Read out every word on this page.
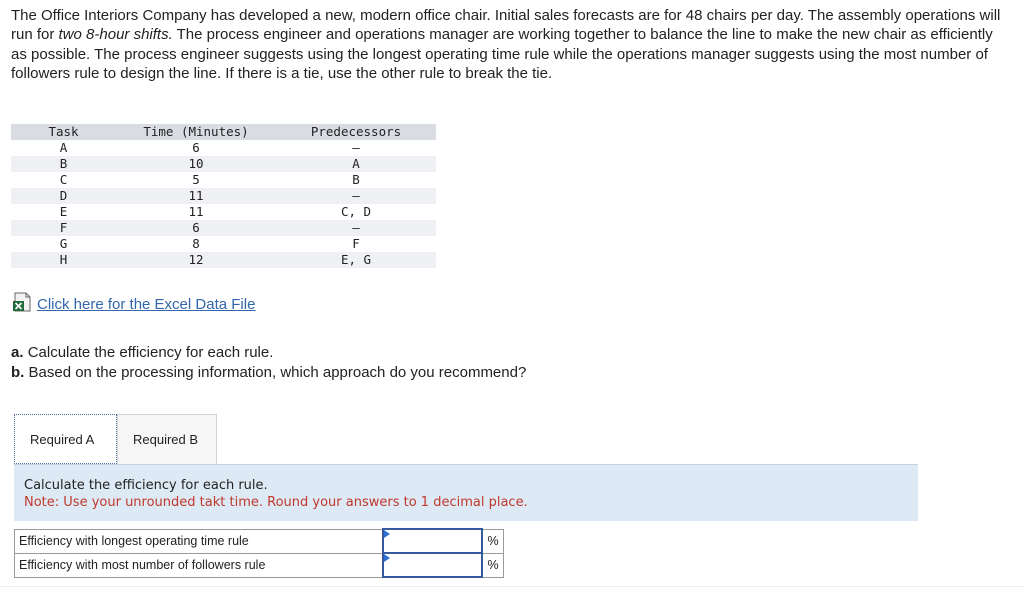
The Office Interiors Company has developed a new, modern office chair. Initial sales forecasts are for 48 chairs per day. The assembly operations will run for two 8-hour shifts. The process engineer and operations manager are working together to balance the line to make the new chair as efficiently as possible. The process engineer suggests using the longest operating time rule while the operations manager suggests using the most number of followers rule to design the line. If there is a tie, use the other rule to break the tie.
Task	Time (Minutes)	Predecessors
A	6	—
B	10	A
C	5	B
D	11	—
E	11	C, D
F	6	—
G	8	F
H	12	E, G
Click here for the Excel Data File
a. Calculate the efficiency for each rule.
b. Based on the processing information, which approach do you recommend?
Required A	Required B
Calculate the efficiency for each rule.
Note: Use your unrounded takt time. Round your answers to 1 decimal place.
Efficiency with longest operating time rule		%
Efficiency with most number of followers rule		%
